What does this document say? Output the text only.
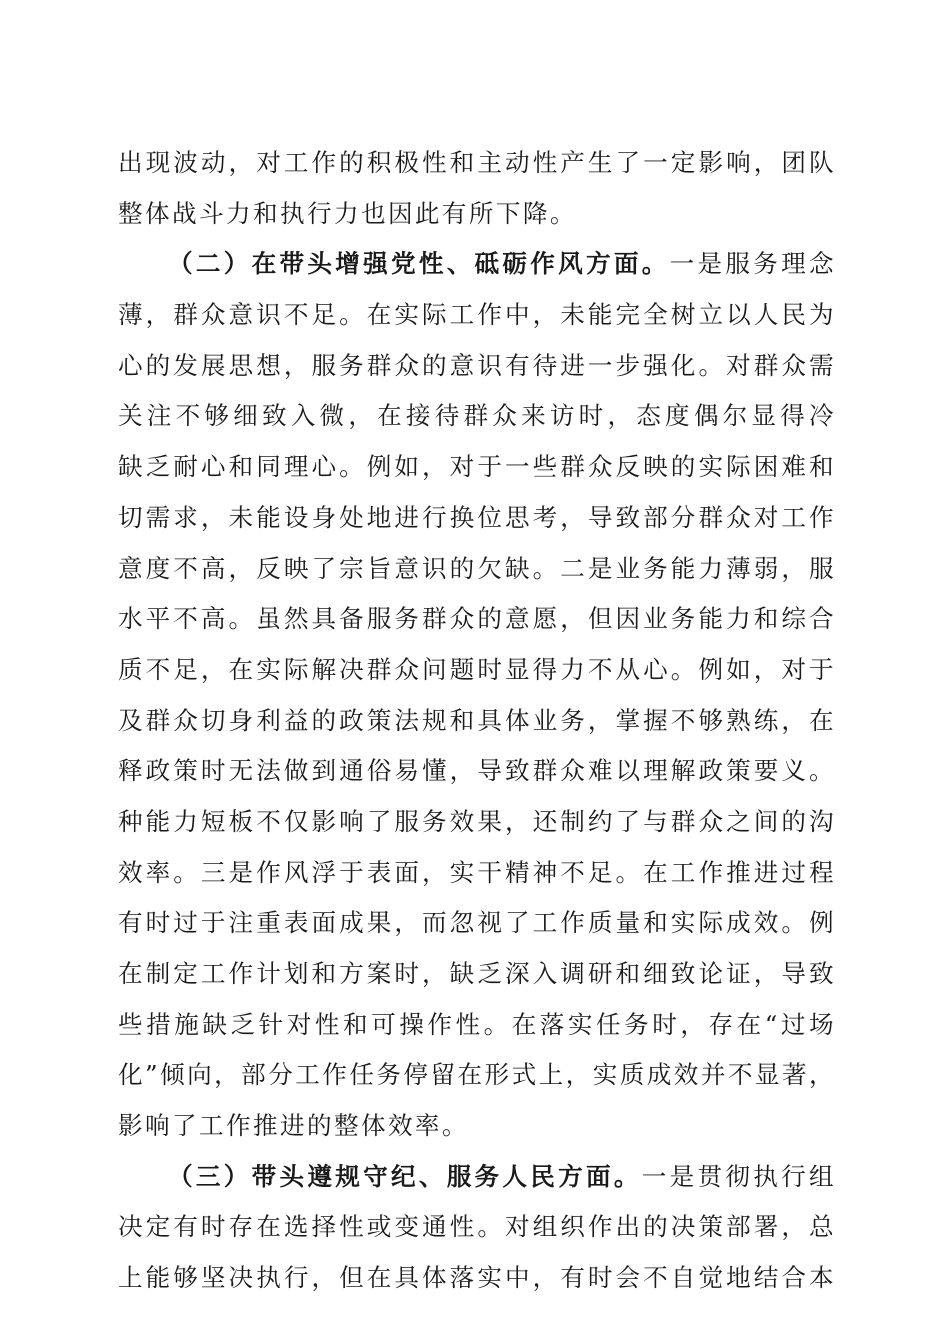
出现波动，对工作的积极性和主动性产生了一定影响，团队
整体战斗力和执行力也因此有所下降。
（二）在带头增强党性、砥砺作风方面。一是服务理念
薄，群众意识不足。在实际工作中，未能完全树立以人民为
心的发展思想，服务群众的意识有待进一步强化。对群众需
关注不够细致入微，在接待群众来访时，态度偶尔显得冷
缺乏耐心和同理心。例如，对于一些群众反映的实际困难和
切需求，未能设身处地进行换位思考，导致部分群众对工作
意度不高，反映了宗旨意识的欠缺。二是业务能力薄弱，服
水平不高。虽然具备服务群众的意愿，但因业务能力和综合
质不足，在实际解决群众问题时显得力不从心。例如，对于
及群众切身利益的政策法规和具体业务，掌握不够熟练，在
释政策时无法做到通俗易懂，导致群众难以理解政策要义。
种能力短板不仅影响了服务效果，还制约了与群众之间的沟
效率。三是作风浮于表面，实干精神不足。在工作推进过程
有时过于注重表面成果，而忽视了工作质量和实际成效。例
在制定工作计划和方案时，缺乏深入调研和细致论证，导致
些措施缺乏针对性和可操作性。在落实任务时，存在“过场
化”倾向，部分工作任务停留在形式上，实质成效并不显著，
影响了工作推进的整体效率。
（三）带头遵规守纪、服务人民方面。一是贯彻执行组
决定有时存在选择性或变通性。对组织作出的决策部署，总
上能够坚决执行，但在具体落实中，有时会不自觉地结合本
